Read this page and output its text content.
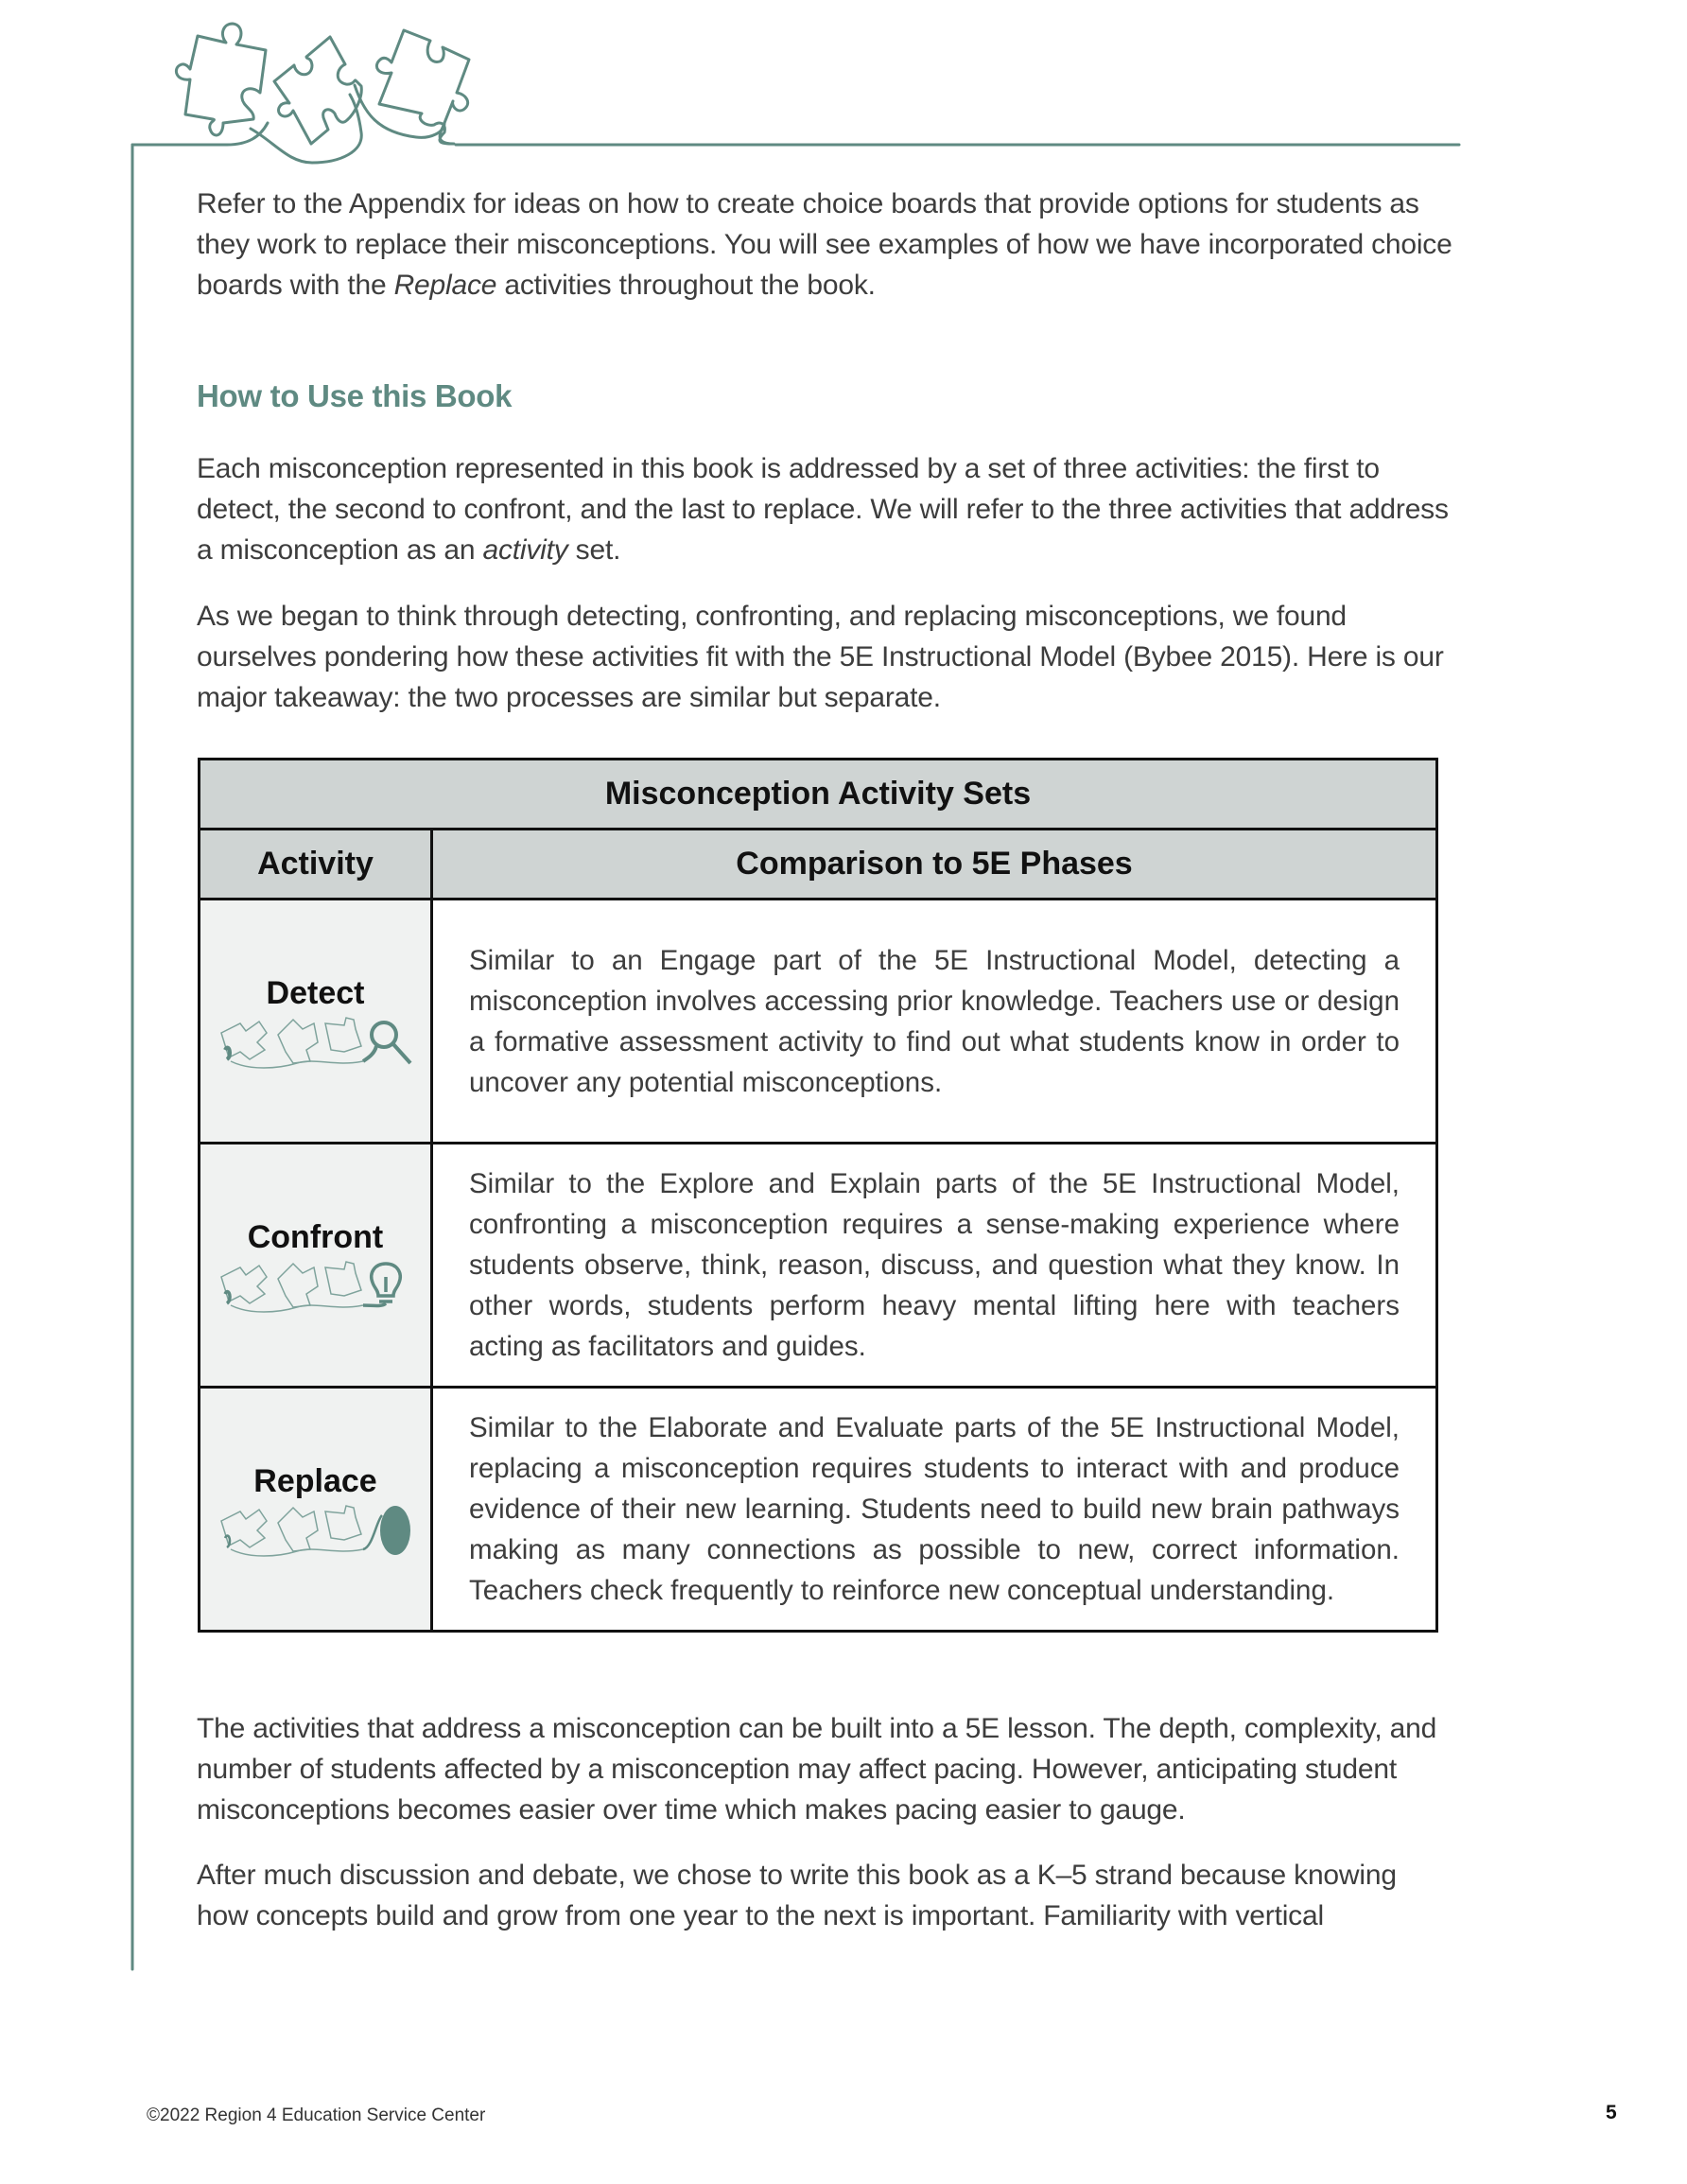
Refer to the Appendix for ideas on how to create choice boards that provide options for students as they work to replace their misconceptions. You will see examples of how we have incorporated choice boards with the Replace activities throughout the book.

How to Use this Book

Each misconception represented in this book is addressed by a set of three activities: the first to detect, the second to confront, and the last to replace. We will refer to the three activities that address a misconception as an activity set.

As we began to think through detecting, confronting, and replacing misconceptions, we found ourselves pondering how these activities fit with the 5E Instructional Model (Bybee 2015). Here is our major takeaway: the two processes are similar but separate.

Misconception Activity Sets	
Activity	Comparison to 5E Phases

Detect	Similar to an Engage part of the 5E Instructional Model, detecting a misconception involves accessing prior knowledge. Teachers use or design a formative assessment activity to find out what students know in order to uncover any potential misconceptions.

Confront	Similar to the Explore and Explain parts of the 5E Instructional Model, confronting a misconception requires a sense-making experience where students observe, think, reason, discuss, and question what they know. In other words, students perform heavy mental lifting here with teachers acting as facilitators and guides.

Replace	Similar to the Elaborate and Evaluate parts of the 5E Instructional Model, replacing a misconception requires students to interact with and produce evidence of their new learning. Students need to build new brain pathways making as many connections as possible to new, correct information. Teachers check frequently to reinforce new conceptual understanding.

The activities that address a misconception can be built into a 5E lesson. The depth, complexity, and number of students affected by a misconception may affect pacing. However, anticipating student misconceptions becomes easier over time which makes pacing easier to gauge.

After much discussion and debate, we chose to write this book as a K–5 strand because knowing how concepts build and grow from one year to the next is important. Familiarity with vertical

©2022 Region 4 Education Service Center	5
